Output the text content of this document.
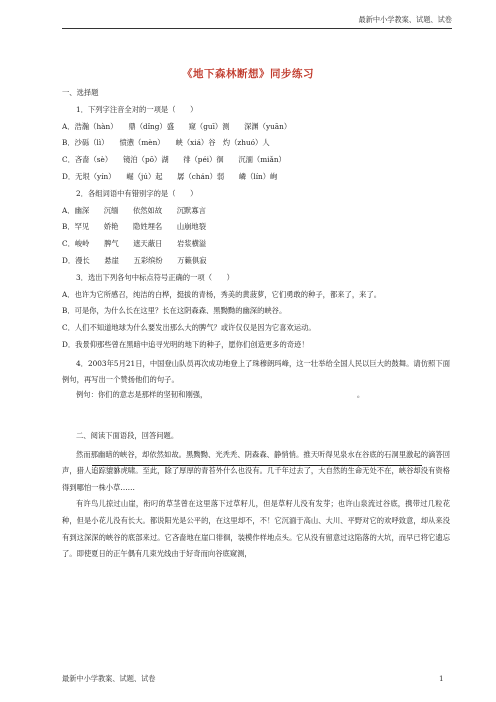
最新中小学教案、试题、试卷
《地下森林断想》同步练习
一、选择题
1．下列字注音全对的一项是（　　）
A．浩瀚（hàn）　　鼎（dǐng）盛　　窥（guī）测　　深渊（yuān）
B．沙砾（lì）　　愤懑（mèn）　　峡（xiá）谷　灼（zhuó）人
C．吝啬（sè）　　镜泊（pō）湖　　徘（péi）徊　　沉湎（miǎn）
D．无垠（yín）　　崛（jú）起　　孱（chán）弱　　嶙（lín）峋
2．各组词语中有错别字的是（　　）
A．幽深　　沉缅　　依然如故　　沉默寡言
B．罕见　　娇艳　　隐姓埋名　　山崩地裂
C．峻岭　　脾气　　遮天蔽日　　岩浆横溢
D．漫长　　悬崖　　五彩缤纷　　万籁俱寂
3．选出下列各句中标点符号正确的一项（　　）
A．也许为它所感召，纯洁的白桦，挺拔的青杨，秀美的黄菠萝，它们勇敢的种子，都来了，来了。
B．可是你，为什么长在这里？长在这阴森森、黑黝黝的幽深的峡谷。
C．人们不知道地球为什么要发出那么大的脾气？或许仅仅是因为它喜欢运动。
D．我景仰那些曾在黑暗中追寻光明的地下的种子，愿你们创造更多的奇迹！

4．2003年5月21日，中国登山队员再次成功地登上了珠穆朗玛峰，这一壮举给全国人民以巨大的鼓舞。请仿照下面例句，再写出一个赞扬他们的句子。

例句：你们的意志是那样的坚韧和刚强，　　　　　　　　　　　　　　　　　　　　　。
二、阅读下面语段，回答问题。

然而那幽暗的峡谷，却依然如故。黑黝黝、光秃秃、阴森森、静悄悄。推天听得见泉水在谷底的石洞里激起的滴答回声，猎人追踪貔貅虎啸。至此，除了厚厚的青苔外什么也没有。几千年过去了，大自然的生命无处不在，峡谷却没有资格得到哪怕一株小草……

有许鸟儿掠过山崖，衔叼的草茎曾在这里落下过草籽儿，但是草籽儿没有发芽；也许山泉流过谷底，携带过几粒花种，但是小花儿没有长大。都说阳光是公平的，在这里却不，不！它沉湎于高山、大川、平野对它的欢呼致意，却从来没有到这深深的峡谷的底部来过。它吝啬地在崖口徘徊，装模作样地点头。它从没有留意过这陷落的大坑，而早已将它遗忘了。即使夏日的正午偶有几束光线由于好奇而向谷底窥测，

最新中小学教案、试题、试卷	1
